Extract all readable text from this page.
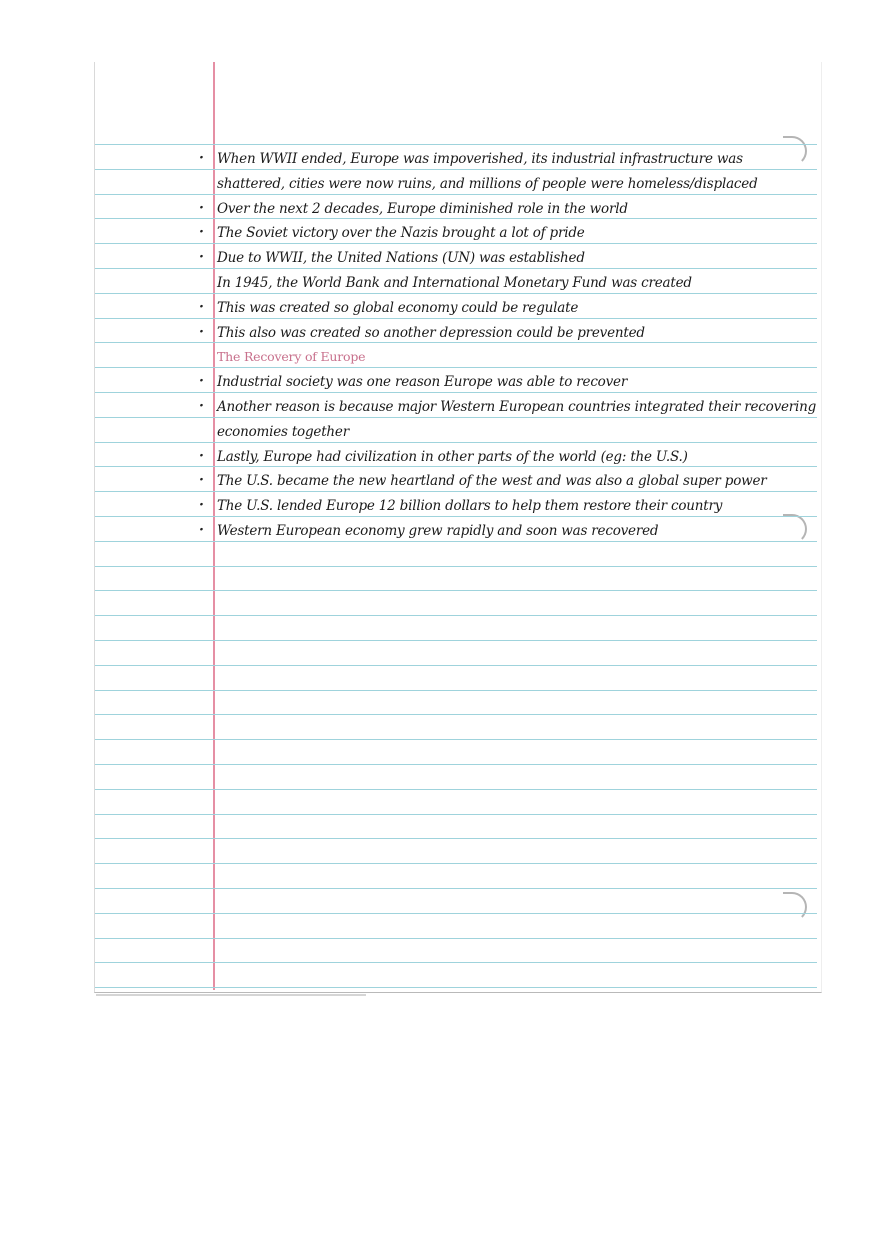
· When WWII ended, Europe was impoverished, its industrial infrastructure was
shattered, cities were now ruins, and millions of people were homeless/displaced
· Over the next 2 decades, Europe diminished role in the world
· The Soviet victory over the Nazis brought a lot of pride
· Due to WWII, the United Nations (UN) was established
In 1945, the World Bank and International Monetary Fund was created
· This was created so global economy could be regulate
· This also was created so another depression could be prevented
The Recovery of Europe
· Industrial society was one reason Europe was able to recover
· Another reason is because major Western European countries integrated their recovering
economies together
· Lastly, Europe had civilization in other parts of the world (eg: the U.S.)
· The U.S. became the new heartland of the west and was also a global super power
· The U.S. lended Europe 12 billion dollars to help them restore their country
· Western European economy grew rapidly and soon was recovered
